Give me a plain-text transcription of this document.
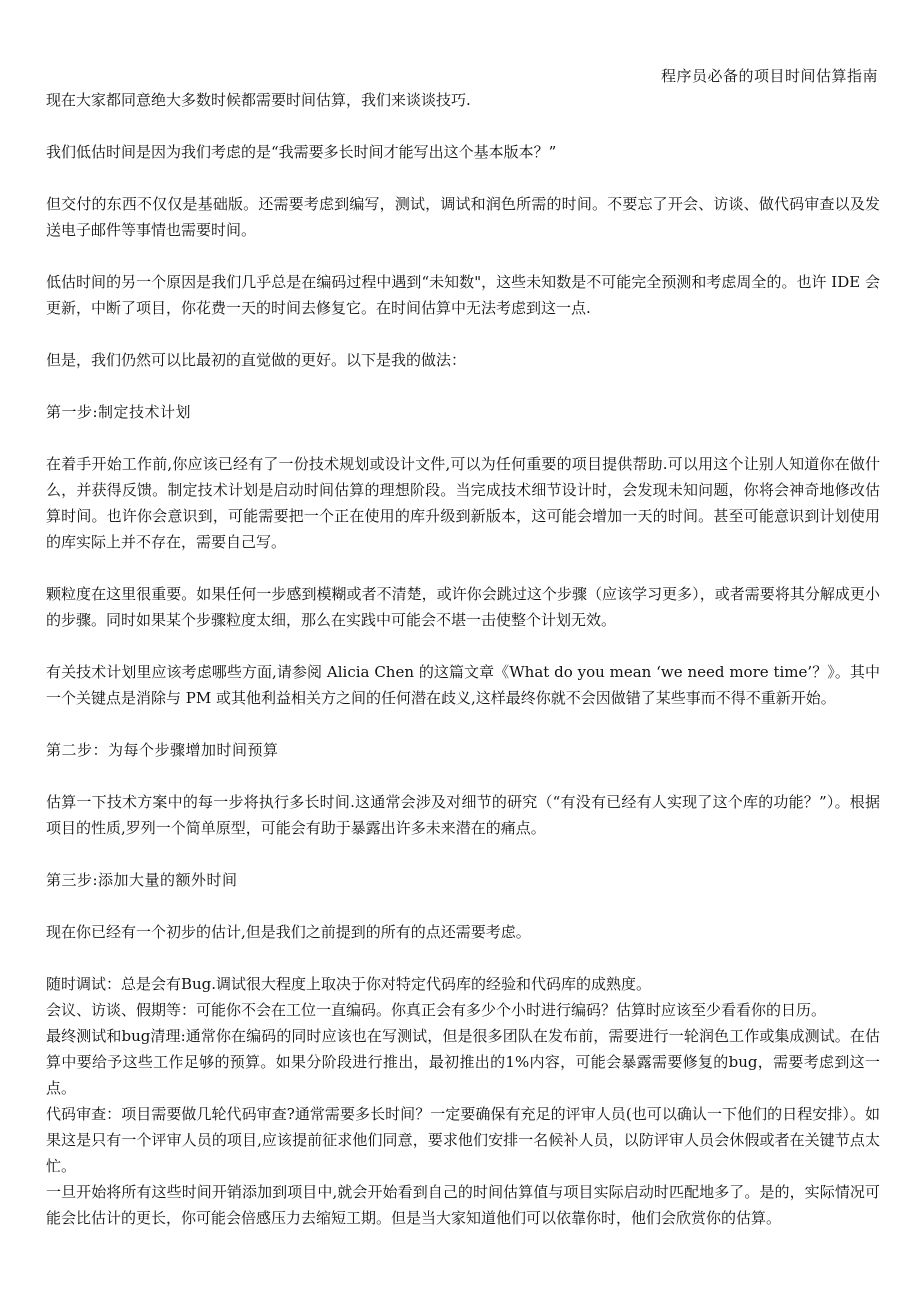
程序员必备的项目时间估算指南

现在大家都同意绝大多数时候都需要时间估算，我们来谈谈技巧.

我们低估时间是因为我们考虑的是“我需要多长时间才能写出这个基本版本？”

但交付的东西不仅仅是基础版。还需要考虑到编写，测试，调试和润色所需的时间。不要忘了开会、访谈、做代码审查以及发送电子邮件等事情也需要时间。

低估时间的另一个原因是我们几乎总是在编码过程中遇到“未知数"，这些未知数是不可能完全预测和考虑周全的。也许 IDE 会更新，中断了项目，你花费一天的时间去修复它。在时间估算中无法考虑到这一点.

但是，我们仍然可以比最初的直觉做的更好。以下是我的做法：

第一步:制定技术计划

在着手开始工作前,你应该已经有了一份技术规划或设计文件,可以为任何重要的项目提供帮助.可以用这个让别人知道你在做什么，并获得反馈。制定技术计划是启动时间估算的理想阶段。当完成技术细节设计时，会发现未知问题，你将会神奇地修改估算时间。也许你会意识到，可能需要把一个正在使用的库升级到新版本，这可能会增加一天的时间。甚至可能意识到计划使用的库实际上并不存在，需要自己写。

颗粒度在这里很重要。如果任何一步感到模糊或者不清楚，或许你会跳过这个步骤（应该学习更多），或者需要将其分解成更小的步骤。同时如果某个步骤粒度太细，那么在实践中可能会不堪一击使整个计划无效。

有关技术计划里应该考虑哪些方面,请参阅 Alicia Chen 的这篇文章《What do you mean ‘we need more time’？》。其中一个关键点是消除与 PM 或其他利益相关方之间的任何潜在歧义,这样最终你就不会因做错了某些事而不得不重新开始。

第二步：为每个步骤增加时间预算

估算一下技术方案中的每一步将执行多长时间.这通常会涉及对细节的研究（“有没有已经有人实现了这个库的功能？”）。根据项目的性质,罗列一个简单原型，可能会有助于暴露出许多未来潜在的痛点。

第三步:添加大量的额外时间

现在你已经有一个初步的估计,但是我们之前提到的所有的点还需要考虑。

随时调试：总是会有Bug.调试很大程度上取决于你对特定代码库的经验和代码库的成熟度。

会议、访谈、假期等：可能你不会在工位一直编码。你真正会有多少个小时进行编码？估算时应该至少看看你的日历。

最终测试和bug清理:通常你在编码的同时应该也在写测试，但是很多团队在发布前，需要进行一轮润色工作或集成测试。在估算中要给予这些工作足够的预算。如果分阶段进行推出，最初推出的1%内容，可能会暴露需要修复的bug，需要考虑到这一点。

代码审查：项目需要做几轮代码审查?通常需要多长时间？一定要确保有充足的评审人员(也可以确认一下他们的日程安排）。如果这是只有一个评审人员的项目,应该提前征求他们同意，要求他们安排一名候补人员，以防评审人员会休假或者在关键节点太忙。

一旦开始将所有这些时间开销添加到项目中,就会开始看到自己的时间估算值与项目实际启动时匹配地多了。是的，实际情况可能会比估计的更长，你可能会倍感压力去缩短工期。但是当大家知道他们可以依靠你时，他们会欣赏你的估算。
